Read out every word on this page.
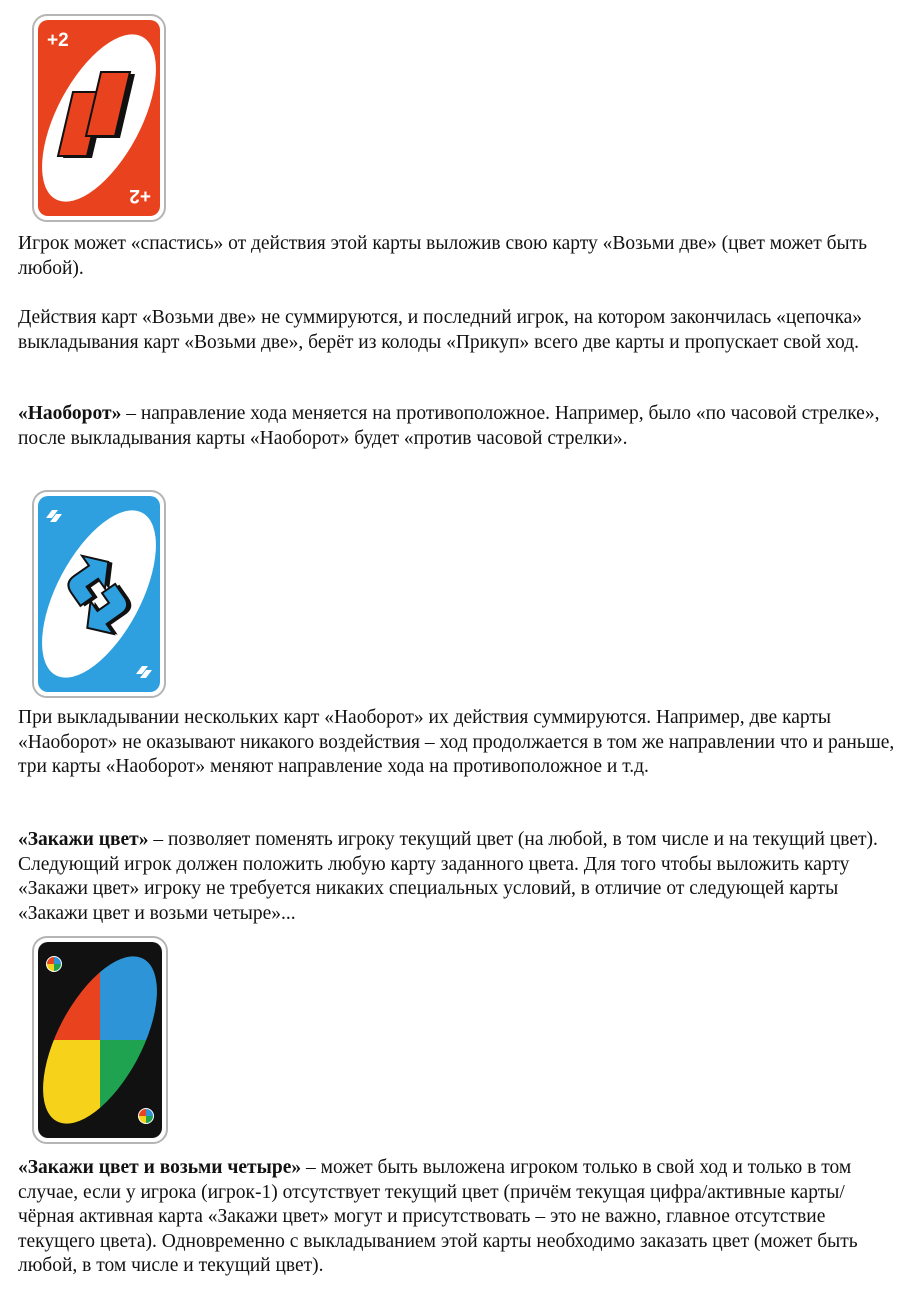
+2
+2

Игрок может «спастись» от действия этой карты выложив свою карту «Возьми две» (цвет может быть любой).

Действия карт «Возьми две» не суммируются, и последний игрок, на котором закончилась «цепочка» выкладывания карт «Возьми две», берёт из колоды «Прикуп» всего две карты и пропускает свой ход.

«Наоборот» – направление хода меняется на противоположное. Например, было «по часовой стрелке», после выкладывания карты «Наоборот» будет «против часовой стрелки».

При выкладывании нескольких карт «Наоборот» их действия суммируются. Например, две карты «Наоборот» не оказывают никакого воздействия – ход продолжается в том же направлении что и раньше, три карты «Наоборот» меняют направление хода на противоположное и т.д.

«Закажи цвет» – позволяет поменять игроку текущий цвет (на любой, в том числе и на текущий цвет). Следующий игрок должен положить любую карту заданного цвета. Для того чтобы выложить карту «Закажи цвет» игроку не требуется никаких специальных условий, в отличие от следующей карты «Закажи цвет и возьми четыре»...

«Закажи цвет и возьми четыре» – может быть выложена игроком только в свой ход и только в том случае, если у игрока (игрок-1) отсутствует текущий цвет (причём текущая цифра/активные карты/чёрная активная карта «Закажи цвет» могут и присутствовать – это не важно, главное отсутствие текущего цвета). Одновременно с выкладыванием этой карты необходимо заказать цвет (может быть любой, в том числе и текущий цвет).
